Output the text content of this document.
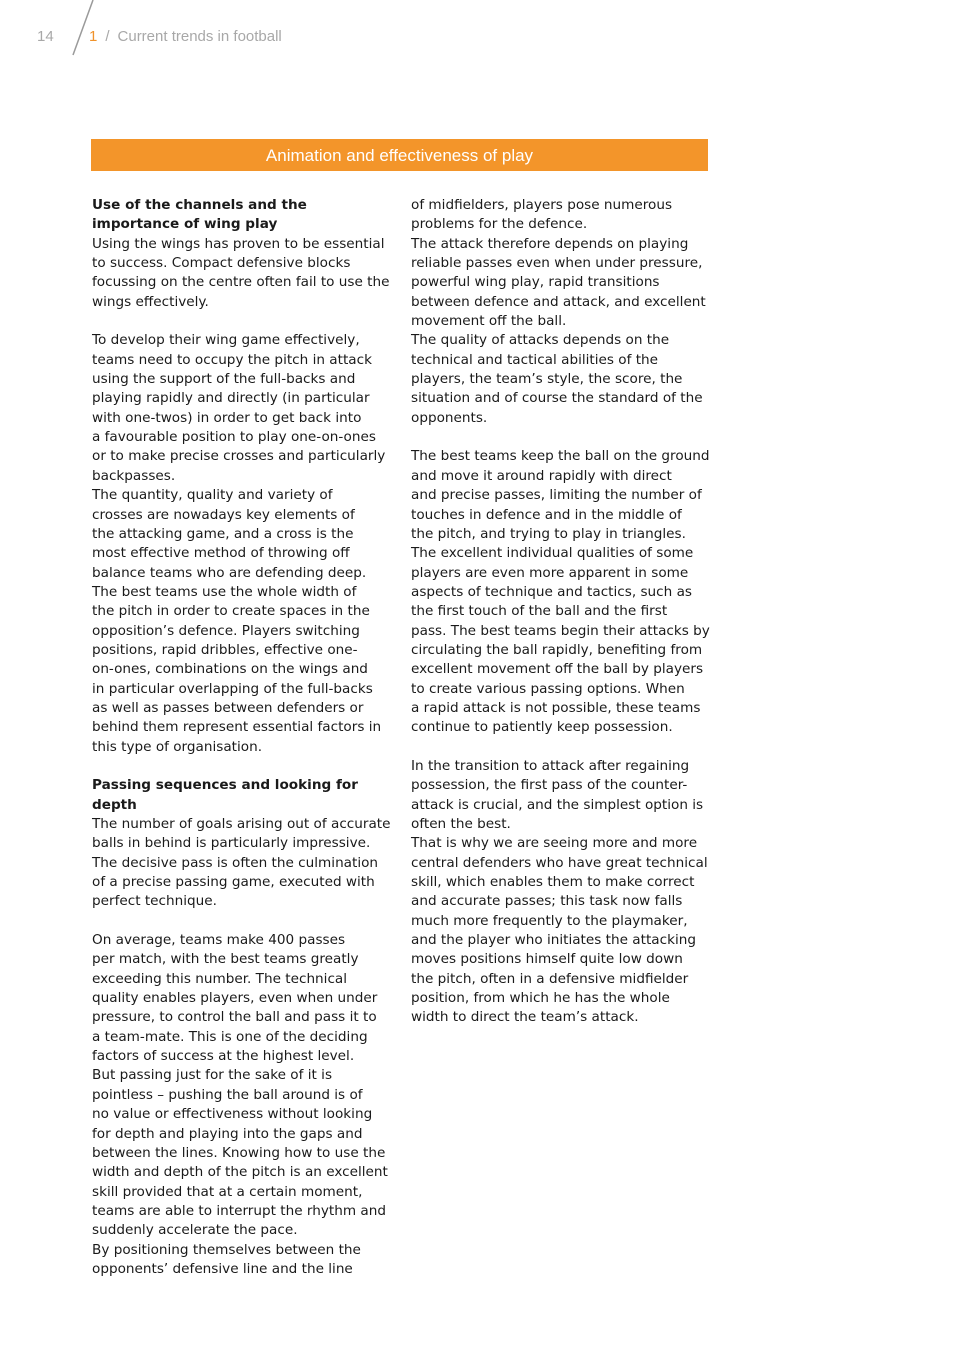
14 1 / Current trends in football
Animation and effectiveness of play
Use of the channels and the
importance of wing play

Using the wings has proven to be essential
to success. Compact defensive blocks
focussing on the centre often fail to use the
wings effectively.

To develop their wing game effectively,
teams need to occupy the pitch in attack
using the support of the full-backs and
playing rapidly and directly (in particular
with one-twos) in order to get back into
a favourable position to play one-on-ones
or to make precise crosses and particularly
backpasses.

The quantity, quality and variety of
crosses are nowadays key elements of
the attacking game, and a cross is the
most effective method of throwing off
balance teams who are defending deep.

The best teams use the whole width of
the pitch in order to create spaces in the
opposition’s defence. Players switching
positions, rapid dribbles, effective one-
on-ones, combinations on the wings and
in particular overlapping of the full-backs
as well as passes between defenders or
behind them represent essential factors in
this type of organisation.

Passing sequences and looking for
depth

The number of goals arising out of accurate
balls in behind is particularly impressive.
The decisive pass is often the culmination
of a precise passing game, executed with
perfect technique.

On average, teams make 400 passes
per match, with the best teams greatly
exceeding this number. The technical
quality enables players, even when under
pressure, to control the ball and pass it to
a team-mate. This is one of the deciding
factors of success at the highest level.

But passing just for the sake of it is
pointless – pushing the ball around is of
no value or effectiveness without looking
for depth and playing into the gaps and
between the lines. Knowing how to use the
width and depth of the pitch is an excellent
skill provided that at a certain moment,
teams are able to interrupt the rhythm and
suddenly accelerate the pace.

By positioning themselves between the
opponents’ defensive line and the line

of midfielders, players pose numerous
problems for the defence.

The attack therefore depends on playing
reliable passes even when under pressure,
powerful wing play, rapid transitions
between defence and attack, and excellent
movement off the ball.

The quality of attacks depends on the
technical and tactical abilities of the
players, the team’s style, the score, the
situation and of course the standard of the
opponents.

The best teams keep the ball on the ground
and move it around rapidly with direct
and precise passes, limiting the number of
touches in defence and in the middle of
the pitch, and trying to play in triangles.

The excellent individual qualities of some
players are even more apparent in some
aspects of technique and tactics, such as
the first touch of the ball and the first
pass. The best teams begin their attacks by
circulating the ball rapidly, benefiting from
excellent movement off the ball by players
to create various passing options. When
a rapid attack is not possible, these teams
continue to patiently keep possession.

In the transition to attack after regaining
possession, the first pass of the counter-
attack is crucial, and the simplest option is
often the best.

That is why we are seeing more and more
central defenders who have great technical
skill, which enables them to make correct
and accurate passes; this task now falls
much more frequently to the playmaker,
and the player who initiates the attacking
moves positions himself quite low down
the pitch, often in a defensive midfielder
position, from which he has the whole
width to direct the team’s attack.
